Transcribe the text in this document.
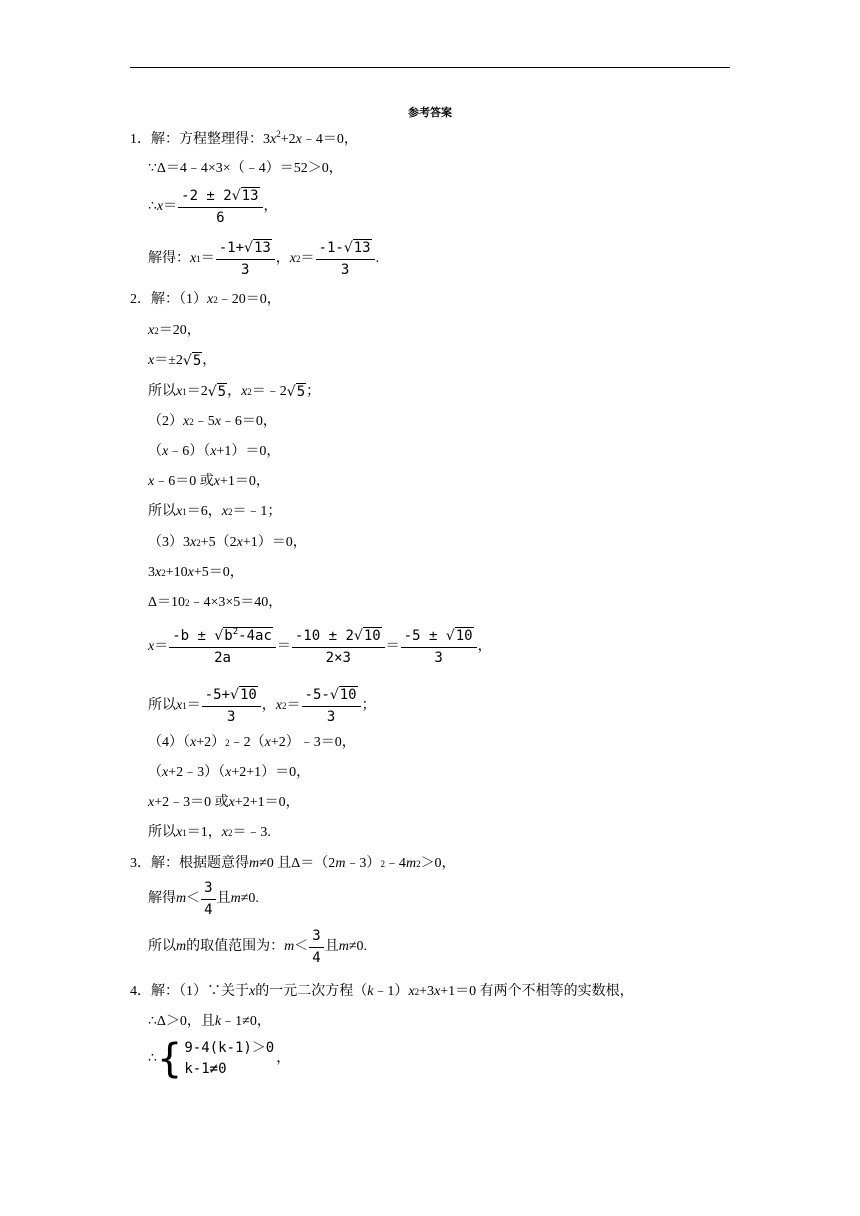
参考答案
1． 解：方程整理得： $3x^2+2x﹣4=0$，
∵Δ＝4﹣4×3×（﹣4）＝52＞0，
∴x＝ $\frac{-2 \pm 2√13}{6}$ ，
解得： x $1 = \frac{-1+√13}{3}$ ， x $2 = \frac{-1-√13}{3}$ .
2． 解：（1） x 2 ﹣20＝0，
x 2 ＝20，
x ＝±2 √5 ，
所以 x 1 ＝2 √5 ， x 2 ＝﹣2 √5 ；
（2） x 2 ﹣5 x ﹣6＝0，
（ x ﹣6）（ x +1）＝0，
x ﹣6＝0 或 x +1＝0，
所以 x 1 ＝6， x 2 ＝﹣1；
（3）3 x 2 +5（2 x +1）＝0，
3 x 2 +10 x +5＝0，
Δ＝10 2 ﹣4×3×5＝40，
$x = \frac{-b \pm √b^2-4ac}{2a} = \frac{-10 \pm 2√10}{2\times 3} = \frac{-5 \pm √10}{3}$ ，
所以 x $1 = \frac{-5+√10}{3}$ ， x $2 = \frac{-5-√10}{3}$ ；
（4）（ x +2） 2 ﹣2（ x +2）﹣3＝0，
（ x +2﹣3）（ x +2+1）＝0，
x +2﹣3＝0 或 x +2+1＝0，
所以 x 1 ＝1， x 2 ＝﹣3.
3． 解：根据题意得 m ≠0 且Δ＝（2 m ﹣3） 2 ﹣4 m 2 ＞0，
解得 $m < \frac{3}{4}$ 且 m ≠0.
所以 m 的取值范围为： $m < \frac{3}{4}$ 且 m ≠0.
4． 解：（1）∵关于 x 的一元二次方程（ k ﹣1） x 2 +3 x +1＝0 有两个不相等的实数根，
∴Δ＞0，且 k ﹣1≠0，
∴ { 9-4(k-1)＞0
k-1≠0
，
